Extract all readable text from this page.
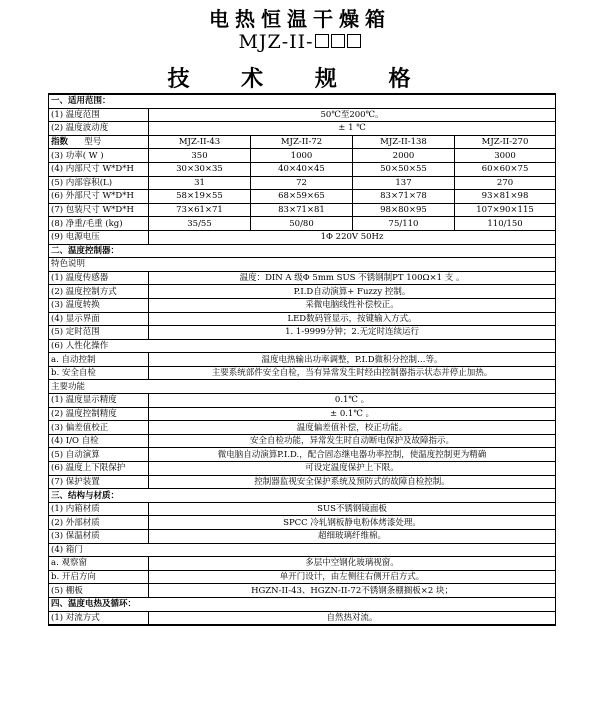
电热恒温干燥箱
MJZ-II-
技 术 规 格
一、适用范围：				
(1) 温度范围	50℃至200℃。			
(2) 温度波动度	± 1 ℃			
指数 型号	MJZ-II-43	MJZ-II-72	MJZ-II-138	MJZ-II-270
(3) 功率( W )	350	1000	2000	3000
(4) 内部尺寸 W*D*H	30×30×35	40×40×45	50×50×55	60×60×75
(5) 内部容积(L)	31	72	137	270
(6) 外部尺寸 W*D*H	58×19×55	68×59×65	83×71×78	93×81×98
(7) 包装尺寸 W*D*H	73×61×71	83×71×81	98×80×95	107×90×115
(8) 净重/毛重 (kg)	35/55	50/80	75/110	110/150
(9) 电源电压	1Φ 220V 50Hz			
二、温度控制器：				
特色说明				
(1) 温度传感器	温度：DIN A 级Φ 5mm SUS 不锈钢制PT 100Ω×1 支 。			
(2) 温度控制方式	P.I.D自动演算+ Fuzzy 控制。			
(3) 温度转换	采微电脑线性补偿校正。			
(4) 显示界面	LED数码管显示，按键输入方式。			
(5) 定时范围	1. 1-9999分钟；2.无定时连续运行			
(6) 人性化操作				
a. 自动控制	温度电热输出功率调整，P.I.D微积分控制…等。			
b. 安全自检	主要系统部件安全自检，当有异常发生时经由控制器指示状态并停止加热。			
主要功能				
(1) 温度显示精度	0.1℃ 。			
(2) 温度控制精度	± 0.1℃ 。			
(3) 偏差值校正	温度偏差值补偿，校正功能。			
(4) I/O 自检	安全自检功能，异常发生时自动断电保护及故障指示。			
(5) 自动演算	微电脑自动演算P.I.D.，配合固态继电器功率控制，使温度控制更为精确			
(6) 温度上下限保护	可设定温度保护上下限。			
(7) 保护装置	控制器监视安全保护系统及预防式的故障自检控制。			
三、结构与材质：				
(1) 内箱材质	SUS不锈钢镜面板			
(2) 外部材质	SPCC 冷轧钢板静电粉体烤漆处理。			
(3) 保温材质	超细玻璃纤维棉。			
(4) 箱门				
a. 观察窗	多层中空钢化玻璃视窗。			
b. 开启方向	单开门设计，由左侧往右侧开启方式。			
(5) 棚板	HGZN-II-43、HGZN-II-72不锈钢条棚搁板×2 块；			
四、温度电热及循环：				
(1) 对流方式	自然热对流。			
